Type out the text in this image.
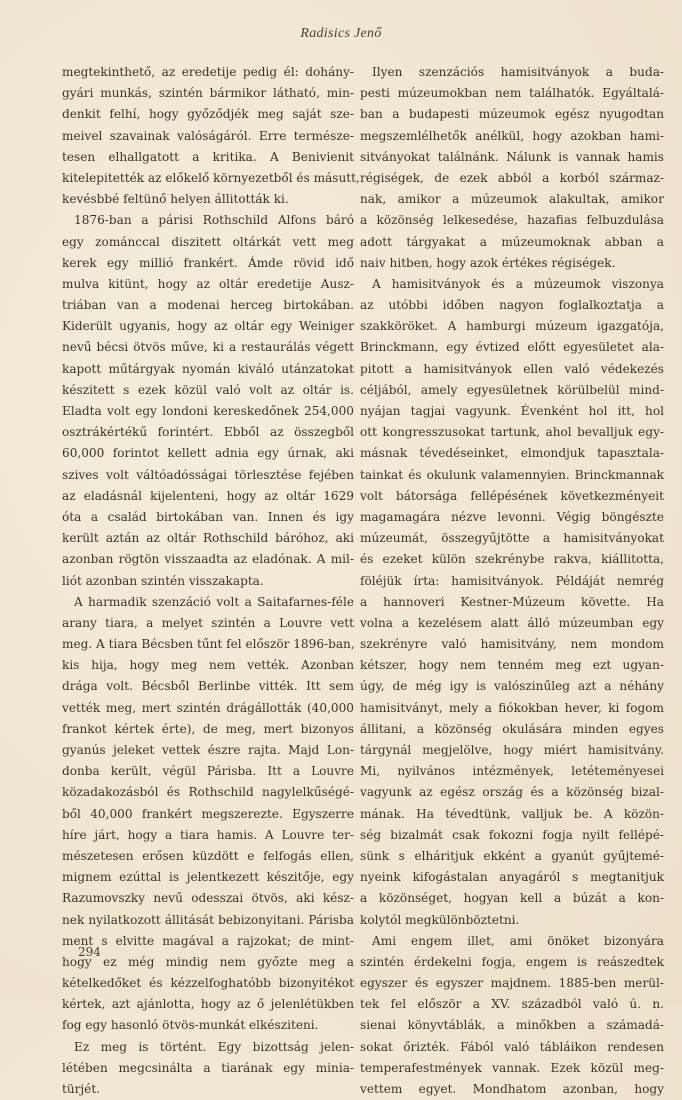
Radisics Jenő
megtekinthető, az eredetije pedig él: dohány-
gyári munkás, szintén bármikor látható, min-
denkit felhí, hogy győződjék meg saját sze-
meivel szavainak valóságáról. Erre természe-
tesen elhallgatott a kritika. A Benivienit
kitelepitették az előkelő környezetből és másutt,
kevésbbé feltünő helyen állitották ki.
1876-ban a párisi Rothschild Alfons báró
egy zománccal diszitett oltárkát vett meg
kerek egy millió frankért. Ámde rövid idő
mulva kitünt, hogy az oltár eredetije Ausz-
triában van a modenai herceg birtokában.
Kiderült ugyanis, hogy az oltár egy Weiniger
nevű bécsi ötvös műve, ki a restaurálás végett
kapott műtárgyak nyomán kiváló utánzatokat
készitett s ezek közül való volt az oltár is.
Eladta volt egy londoni kereskedőnek 254,000
osztrákértékű forintért. Ebből az összegből
60,000 forintot kellett adnia egy úrnak, aki
szives volt váltóadósságai törlesztése fejében
az eladásnál kijelenteni, hogy az oltár 1629
óta a család birtokában van. Innen és igy
került aztán az oltár Rothschild báróhoz, aki
azonban rögtön visszaadta az eladónak. A mil-
liót azonban szintén visszakapta.
A harmadik szenzáció volt a Saitafarnes-féle
arany tiara, a melyet szintén a Louvre vett
meg. A tiara Bécsben tűnt fel először 1896-ban,
kis hija, hogy meg nem vették. Azonban
drága volt. Bécsből Berlinbe vitték. Itt sem
vették meg, mert szintén drágállották (40,000
frankot kértek érte), de meg, mert bizonyos
gyanús jeleket vettek észre rajta. Majd Lon-
donba került, végül Párisba. Itt a Louvre
közadakozásból és Rothschild nagylelkűségé-
ből 40,000 frankért megszerezte. Egyszerre
híre járt, hogy a tiara hamis. A Louvre ter-
mészetesen erősen küzdött e felfogás ellen,
mignem ezúttal is jelentkezett készitője, egy
Razumovszky nevű odesszai ötvös, aki kész-
nek nyilatkozott állitását bebizonyitani. Párisba
ment s elvitte magával a rajzokat; de mint-
hogy ez még mindig nem győzte meg a
kételkedőket és kézzelfoghatóbb bizonyitékot
kértek, azt ajánlotta, hogy az ő jelenlétükben
fog egy hasonló ötvös-munkát elkésziteni.
Ez meg is történt. Egy bizottság jelen-
létében megcsinálta a tiarának egy minia-
türjét.
Ilyen szenzációs hamisitványok a buda-
pesti múzeumokban nem találhatók. Egyáltalá-
ban a budapesti múzeumok egész nyugodtan
megszemlélhetők anélkül, hogy azokban hami-
sitványokat találnánk. Nálunk is vannak hamis
régiségek, de ezek abból a korból származ-
nak, amikor a múzeumok alakultak, amikor
a közönség lelkesedése, hazafias felbuzdulása
adott tárgyakat a múzeumoknak abban a
naiv hitben, hogy azok értékes régiségek.
A hamisitványok és a múzeumok viszonya
az utóbbi időben nagyon foglalkoztatja a
szakköröket. A hamburgi múzeum igazgatója,
Brinckmann, egy évtized előtt egyesületet ala-
pitott a hamisitványok ellen való védekezés
céljából, amely egyesületnek körülbelül mind-
nyájan tagjai vagyunk. Évenként hol itt, hol
ott kongresszusokat tartunk, ahol bevalljuk egy-
másnak tévedéseinket, elmondjuk tapasztala-
tainkat és okulunk valamennyien. Brinckmannak
volt bátorsága fellépésének következményeit
magamagára nézve levonni. Végig böngészte
múzeumát, összegyűjtötte a hamisitványokat
és ezeket külön szekrénybe rakva, kiállitotta,
föléjük írta: hamisitványok. Példáját nemrég
a hannoveri Kestner-Múzeum követte. Ha
volna a kezelésem alatt álló múzeumban egy
szekrényre való hamisitvány, nem mondom
kétszer, hogy nem tenném meg ezt ugyan-
úgy, de még igy is valószinűleg azt a néhány
hamisitványt, mely a fiókokban hever, ki fogom
állitani, a közönség okulására minden egyes
tárgynál megjelölve, hogy miért hamisitvány.
Mi, nyilvános intézmények, letéteményesei
vagyunk az egész ország és a közönség bizal-
mának. Ha tévedtünk, valljuk be. A közön-
ség bizalmát csak fokozni fogja nyilt fellépé-
sünk s elháritjuk ekként a gyanút gyűjtemé-
nyeink kifogástalan anyagáról s megtanitjuk
a közönséget, hogyan kell a búzát a kon-
kolytól megkülönböztetni.
Ami engem illet, ami önöket bizonyára
szintén érdekelni fogja, engem is reászedtek
egyszer és egyszer majdnem. 1885-ben merül-
tek fel először a XV. századból való ú. n.
sienai könyvtáblák, a minőkben a számadá-
sokat őrizték. Fából való tábláikon rendesen
temperafestmények vannak. Ezek közül meg-
vettem egyet. Mondhatom azonban, hogy
294
